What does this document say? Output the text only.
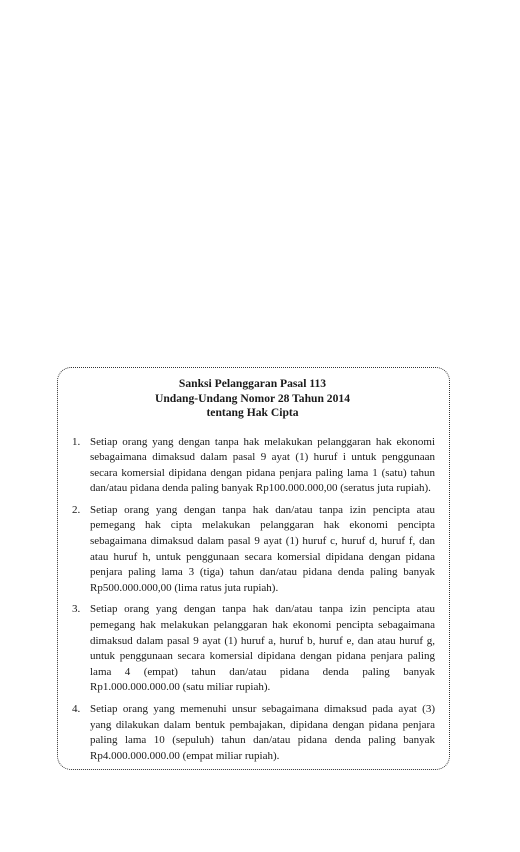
Sanksi Pelanggaran Pasal 113
Undang-Undang Nomor 28 Tahun 2014
tentang Hak Cipta
1. Setiap orang yang dengan tanpa hak melakukan pelanggaran hak ekonomi sebagaimana dimaksud dalam pasal 9 ayat (1) huruf i untuk penggunaan secara komersial dipidana dengan pidana penjara paling lama 1 (satu) tahun dan/atau pidana denda paling banyak Rp100.000.000,00 (seratus juta rupiah).
2. Setiap orang yang dengan tanpa hak dan/atau tanpa izin pencipta atau pemegang hak cipta melakukan pelanggaran hak ekonomi pencipta sebagaimana dimaksud dalam pasal 9 ayat (1) huruf c, huruf d, huruf f, dan atau huruf h, untuk penggunaan secara komersial dipidana dengan pidana penjara paling lama 3 (tiga) tahun dan/atau pidana denda paling banyak Rp500.000.000,00 (lima ratus juta rupiah).
3. Setiap orang yang dengan tanpa hak dan/atau tanpa izin pencipta atau pemegang hak melakukan pelanggaran hak ekonomi pencipta sebagaimana dimaksud dalam pasal 9 ayat (1) huruf a, huruf b, huruf e, dan atau huruf g, untuk penggunaan secara komersial dipidana dengan pidana penjara paling lama 4 (empat) tahun dan/atau pidana denda paling banyak Rp1.000.000.000.00 (satu miliar rupiah).
4. Setiap orang yang memenuhi unsur sebagaimana dimaksud pada ayat (3) yang dilakukan dalam bentuk pembajakan, dipidana dengan pidana penjara paling lama 10 (sepuluh) tahun dan/atau pidana denda paling banyak Rp4.000.000.000.00 (empat miliar rupiah).
